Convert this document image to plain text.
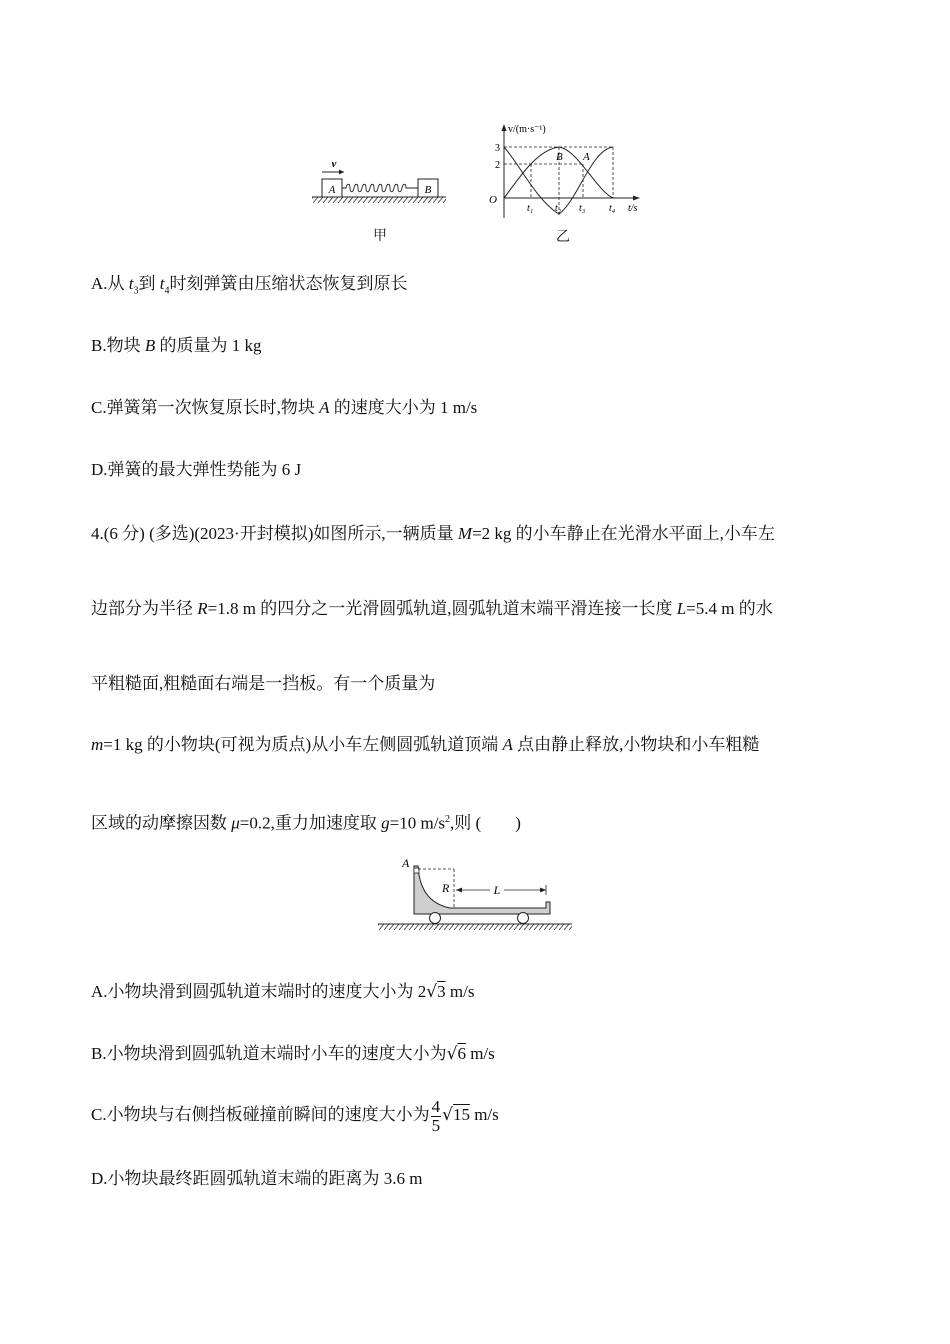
A	B
v
甲
v/(m·s⁻¹)
O
3
2
B A
t₁ t₂ t₃ t₄ t/s
乙
A.从 $t_3$到 $t_4$时刻弹簧由压缩状态恢复到原长
B.物块 B 的质量为 1 kg
C.弹簧第一次恢复原长时,物块 A 的速度大小为 1 m/s
D.弹簧的最大弹性势能为 6 J
4.(6 分) (多选)(2023·开封模拟)如图所示,一辆质量 M=2 kg 的小车静止在光滑水平面上,小车左
边部分为半径 R=1.8 m 的四分之一光滑圆弧轨道,圆弧轨道末端平滑连接一长度 L=5.4 m 的水
平粗糙面,粗糙面右端是一挡板。有一个质量为
m=1 kg 的小物块(可视为质点)从小车左侧圆弧轨道顶端 A 点由静止释放,小物块和小车粗糙
区域的动摩擦因数 μ=0.2,重力加速度取 g=10 $m/s^2$,则 (　　)
L
R
A
A.小物块滑到圆弧轨道末端时的速度大小为 2√3 m/s
B.小物块滑到圆弧轨道末端时小车的速度大小为√6 m/s
C.小物块与右侧挡板碰撞前瞬间的速度大小为 $\frac{4}{5} √15$ m/s
D.小物块最终距圆弧轨道末端的距离为 3.6 m
